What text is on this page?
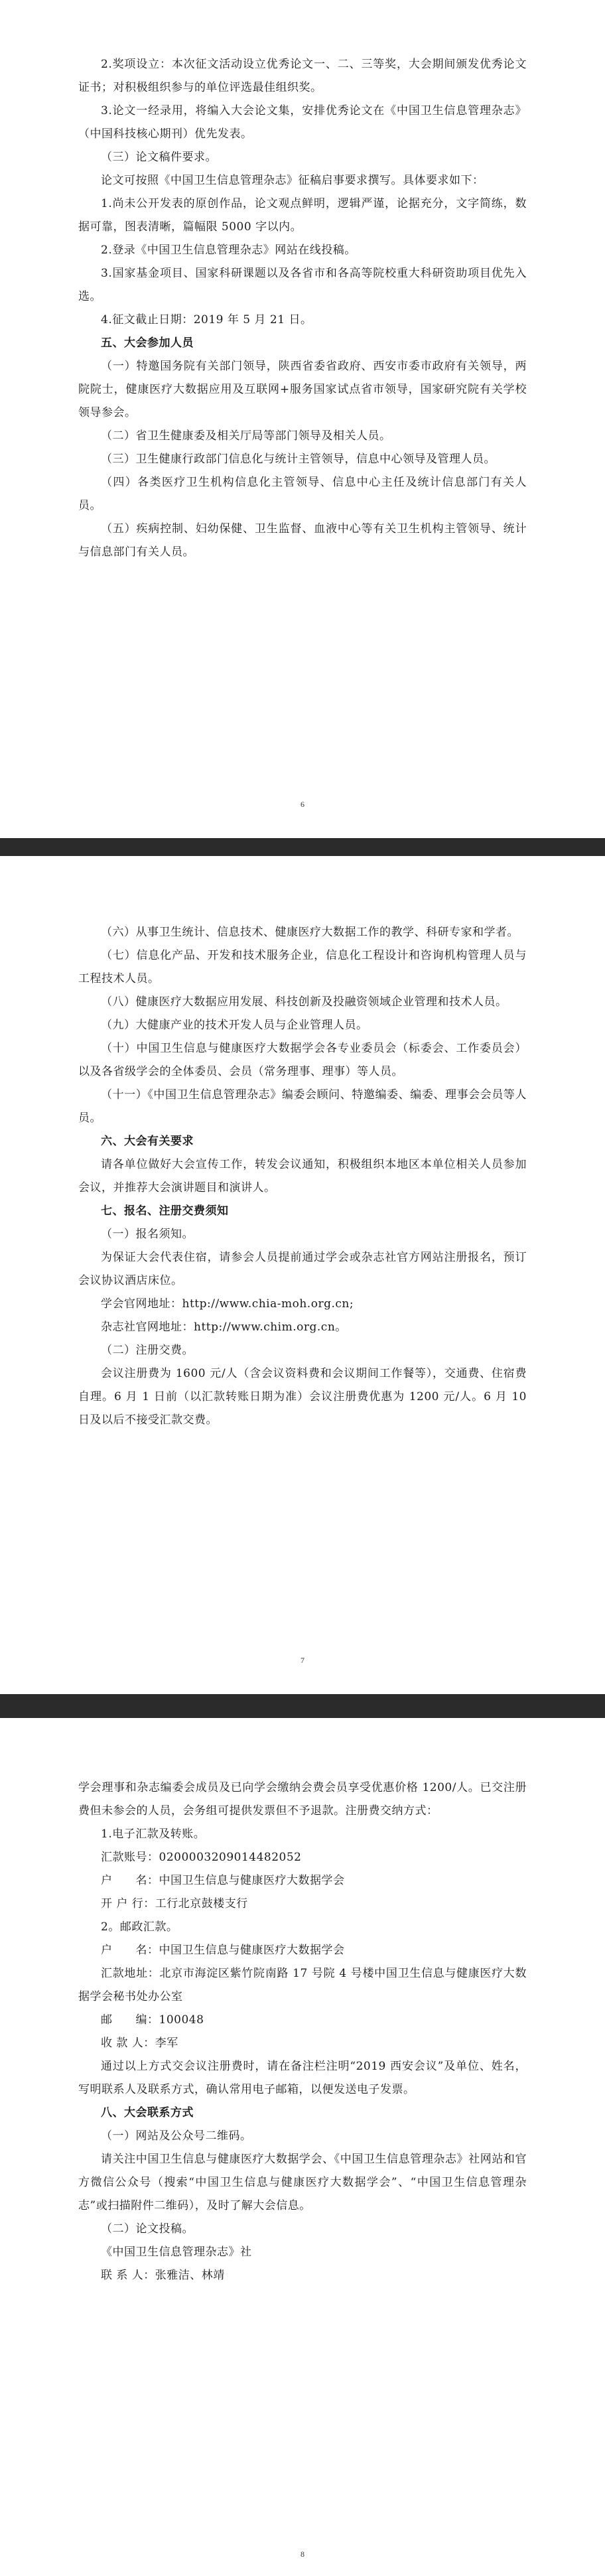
2.奖项设立：本次征文活动设立优秀论文一、二、三等奖，大会期间颁发优秀论文证书；对积极组织参与的单位评选最佳组织奖。

3.论文一经录用，将编入大会论文集，安排优秀论文在《中国卫生信息管理杂志》（中国科技核心期刊）优先发表。

（三）论文稿件要求。

论文可按照《中国卫生信息管理杂志》征稿启事要求撰写。具体要求如下：

1.尚未公开发表的原创作品，论文观点鲜明，逻辑严谨，论据充分，文字简练，数据可靠，图表清晰，篇幅限 5000 字以内。

2.登录《中国卫生信息管理杂志》网站在线投稿。

3.国家基金项目、国家科研课题以及各省市和各高等院校重大科研资助项目优先入选。

4.征文截止日期：2019 年 5 月 21 日。

五、大会参加人员

（一）特邀国务院有关部门领导，陕西省委省政府、西安市委市政府有关领导，两院院士，健康医疗大数据应用及互联网+服务国家试点省市领导，国家研究院有关学校领导参会。

（二）省卫生健康委及相关厅局等部门领导及相关人员。

（三）卫生健康行政部门信息化与统计主管领导，信息中心领导及管理人员。

（四）各类医疗卫生机构信息化主管领导、信息中心主任及统计信息部门有关人员。

（五）疾病控制、妇幼保健、卫生监督、血液中心等有关卫生机构主管领导、统计与信息部门有关人员。

6

（六）从事卫生统计、信息技术、健康医疗大数据工作的教学、科研专家和学者。

（七）信息化产品、开发和技术服务企业，信息化工程设计和咨询机构管理人员与工程技术人员。

（八）健康医疗大数据应用发展、科技创新及投融资领域企业管理和技术人员。

（九）大健康产业的技术开发人员与企业管理人员。

（十）中国卫生信息与健康医疗大数据学会各专业委员会（标委会、工作委员会）以及各省级学会的全体委员、会员（常务理事、理事）等人员。

（十一）《中国卫生信息管理杂志》编委会顾问、特邀编委、编委、理事会会员等人员。

六、大会有关要求

请各单位做好大会宣传工作，转发会议通知，积极组织本地区本单位相关人员参加会议，并推荐大会演讲题目和演讲人。

七、报名、注册交费须知

（一）报名须知。

为保证大会代表住宿，请参会人员提前通过学会或杂志社官方网站注册报名，预订会议协议酒店床位。

学会官网地址：http://www.chia-moh.org.cn;

杂志社官网地址：http://www.chim.org.cn。

（二）注册交费。

会议注册费为 1600 元/人（含会议资料费和会议期间工作餐等），交通费、住宿费自理。6 月 1 日前（以汇款转账日期为准）会议注册费优惠为 1200 元/人。6 月 10 日及以后不接受汇款交费。

7

学会理事和杂志编委会成员及已向学会缴纳会费会员享受优惠价格 1200/人。已交注册费但未参会的人员，会务组可提供发票但不予退款。注册费交纳方式：

1.电子汇款及转账。

汇款账号：0200003209014482052

户　　名：中国卫生信息与健康医疗大数据学会

开 户 行：工行北京鼓楼支行

2。邮政汇款。

户　　名：中国卫生信息与健康医疗大数据学会

汇款地址：北京市海淀区紫竹院南路 17 号院 4 号楼中国卫生信息与健康医疗大数据学会秘书处办公室

邮　　编：100048

收 款 人：李军

通过以上方式交会议注册费时，请在备注栏注明“2019 西安会议”及单位、姓名，写明联系人及联系方式，确认常用电子邮箱，以便发送电子发票。

八、大会联系方式

（一）网站及公众号二维码。

请关注中国卫生信息与健康医疗大数据学会、《中国卫生信息管理杂志》社网站和官方微信公众号（搜索“中国卫生信息与健康医疗大数据学会”、“中国卫生信息管理杂志”或扫描附件二维码），及时了解大会信息。

（二）论文投稿。

《中国卫生信息管理杂志》社

联 系 人：张雅洁、林靖

8
